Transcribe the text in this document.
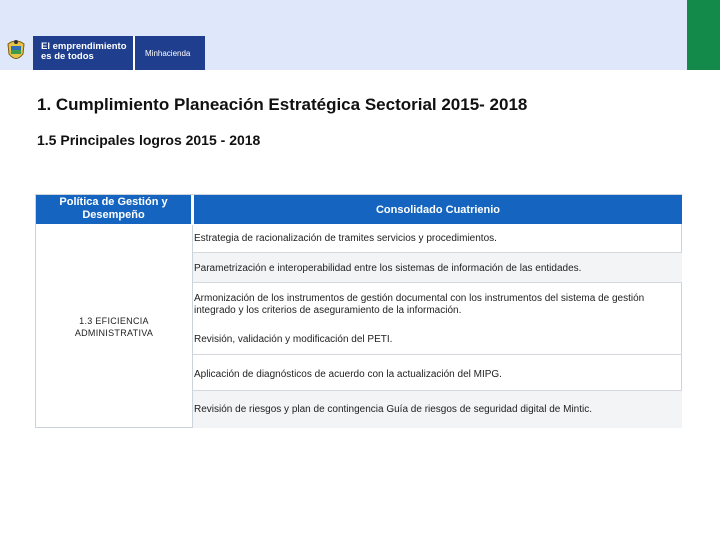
El emprendimiento
es de todos	Minhacienda
1. Cumplimiento Planeación Estratégica Sectorial 2015- 2018
1.5 Principales logros 2015 - 2018
Política de Gestión y Desempeño	Consolidado Cuatrienio
1.3 EFICIENCIA ADMINISTRATIVA
Estrategia de racionalización de tramites servicios y procedimientos.
Parametrización e interoperabilidad entre los sistemas de información de las entidades.
Armonización de los instrumentos de gestión documental con los instrumentos del sistema de gestión integrado y los criterios de aseguramiento de la información.
Revisión, validación y modificación del PETI.
Aplicación de diagnósticos de acuerdo con la actualización del MIPG.
Revisión de riesgos y plan de contingencia Guía de riesgos de seguridad digital de Mintic.
